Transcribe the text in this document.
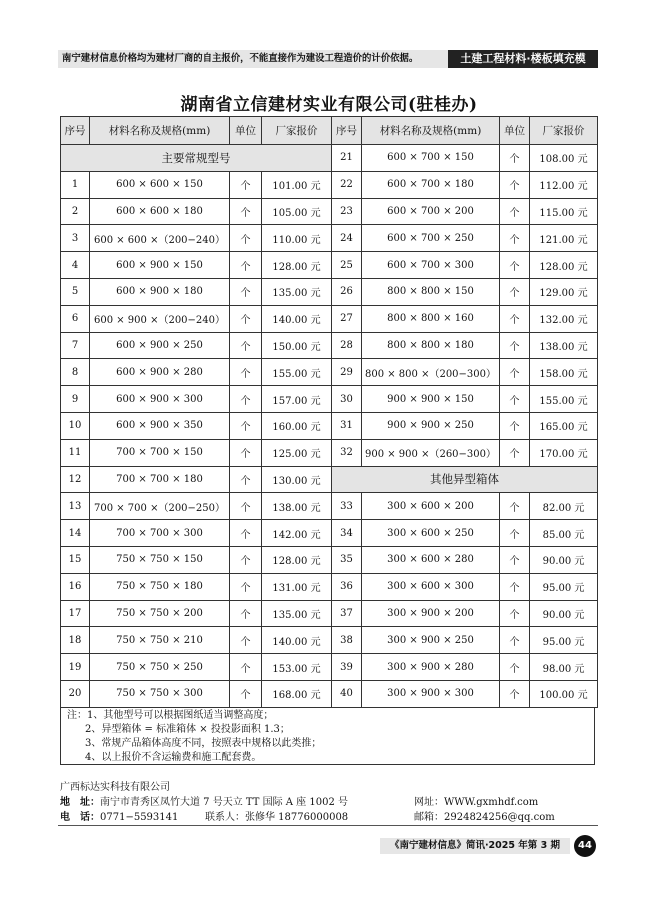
南宁建材信息价格均为建材厂商的自主报价，不能直接作为建设工程造价的计价依据。	土建工程材料·楼板填充模
湖南省立信建材实业有限公司(驻桂办)
序号	材料名称及规格(mm)	单位	厂家报价	序号	材料名称及规格(mm)	单位	厂家报价
主要常规型号				21	600 × 700 × 150	个	108.00 元
1	600 × 600 × 150	个	101.00 元	22	600 × 700 × 180	个	112.00 元
2	600 × 600 × 180	个	105.00 元	23	600 × 700 × 200	个	115.00 元
3	600 × 600 ×（200−240）	个	110.00 元	24	600 × 700 × 250	个	121.00 元
4	600 × 900 × 150	个	128.00 元	25	600 × 700 × 300	个	128.00 元
5	600 × 900 × 180	个	135.00 元	26	800 × 800 × 150	个	129.00 元
6	600 × 900 ×（200−240）	个	140.00 元	27	800 × 800 × 160	个	132.00 元
7	600 × 900 × 250	个	150.00 元	28	800 × 800 × 180	个	138.00 元
8	600 × 900 × 280	个	155.00 元	29	800 × 800 ×（200−300）	个	158.00 元
9	600 × 900 × 300	个	157.00 元	30	900 × 900 × 150	个	155.00 元
10	600 × 900 × 350	个	160.00 元	31	900 × 900 × 250	个	165.00 元
11	700 × 700 × 150	个	125.00 元	32	900 × 900 ×（260−300）	个	170.00 元
12	700 × 700 × 180	个	130.00 元	其他异型箱体			
13	700 × 700 ×（200−250）	个	138.00 元	33	300 × 600 × 200	个	82.00 元
14	700 × 700 × 300	个	142.00 元	34	300 × 600 × 250	个	85.00 元
15	750 × 750 × 150	个	128.00 元	35	300 × 600 × 280	个	90.00 元
16	750 × 750 × 180	个	131.00 元	36	300 × 600 × 300	个	95.00 元
17	750 × 750 × 200	个	135.00 元	37	300 × 900 × 200	个	90.00 元
18	750 × 750 × 210	个	140.00 元	38	300 × 900 × 250	个	95.00 元
19	750 × 750 × 250	个	153.00 元	39	300 × 900 × 280	个	98.00 元
20	750 × 750 × 300	个	168.00 元	40	300 × 900 × 300	个	100.00 元
注：1、其他型号可以根据图纸适当调整高度；
2、异型箱体 = 标准箱体 × 投投影面积 1.3；
3、常规产品箱体高度不同，按照表中规格以此类推；
4、以上报价不含运输费和施工配套费。
广西标达实科技有限公司
地　址：南宁市青秀区凤竹大道 7 号天立 TT 国际 A 座 1002 号	网址：WWW.gxmhdf.com
电　话：0771−5593141	联系人：张修华 18776000008	邮箱：2924824256@qq.com
《南宁建材信息》简讯·2025 年第 3 期	44
